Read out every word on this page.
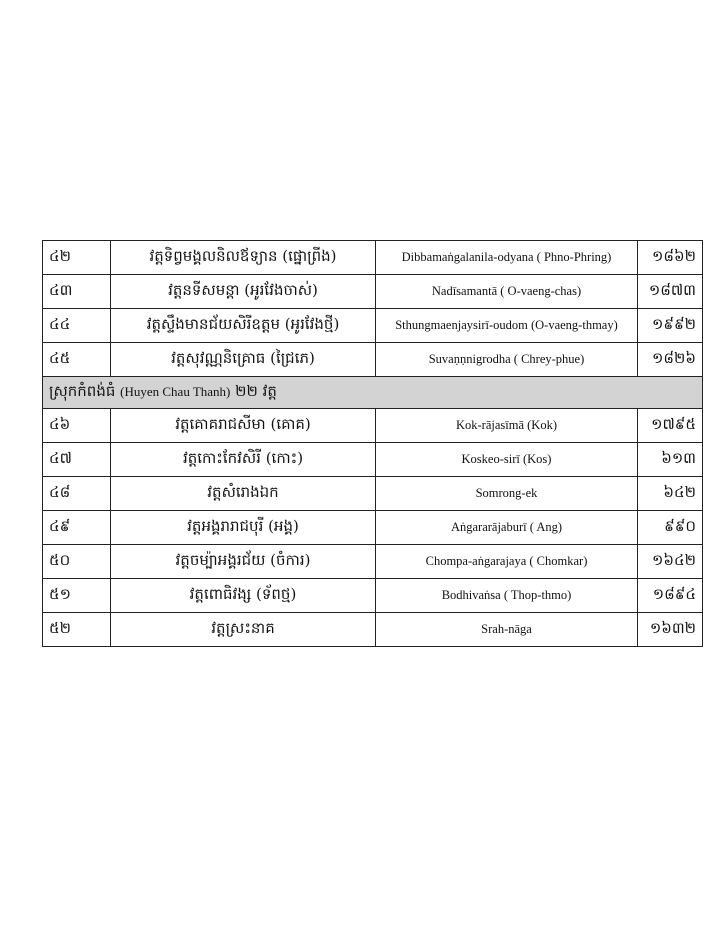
៤២	វត្តទិព្វមង្គលនិលឪទ្យាន (ផ្នោព្រីង)	Dibbamaṅgalanila-odyana ( Phno-Phring)	១៨៦២
៤៣	វត្តនទីសមន្តា (អូរវែងចាស់)	Nadīsamantā ( O-vaeng-chas)	១៨៧៣
៤៤	វត្តស្ទឹងមានជ័យសិរីឧត្តម (អូរវែងថ្មី)	Sthungmaenjaysirī-oudom (O-vaeng-thmay)	១៩៩២
៤៥	វត្តសុវណ្ណនិគ្រោធ (ជ្រៃភេ)	Suvaṇṇnigrodha ( Chrey-phue)	១៨២៦
ស្រុកកំពង់ធំ (Huyen Chau Thanh) ២២ វត្ត			
៤៦	វត្តគោគរាជសីមា (គោគ)	Kok-rājasīmā (Kok)	១៧៩៥
៤៧	វត្តកោះកែវសិរី (កោះ)	Koskeo-sirī (Kos)	៦១៣
៤៨	វត្តសំរោងឯក	Somrong-ek	៦៤២
៤៩	វត្តអង្គរារាជបុរី (អង្គ)	Aṅgararājaburī ( Ang)	៩៩០
៥០	វត្តចម្ប៉ាអង្គរជ័យ (ចំការ)	Chompa-aṅgarajaya ( Chomkar)	១៦៤២
៥១	វត្តពោធិវង្ស (ទ័ពថ្ម)	Bodhivaṅsa ( Thop-thmo)	១៨៩៤
៥២	វត្តស្រះនាគ	Srah-nāga	១៦៣២
